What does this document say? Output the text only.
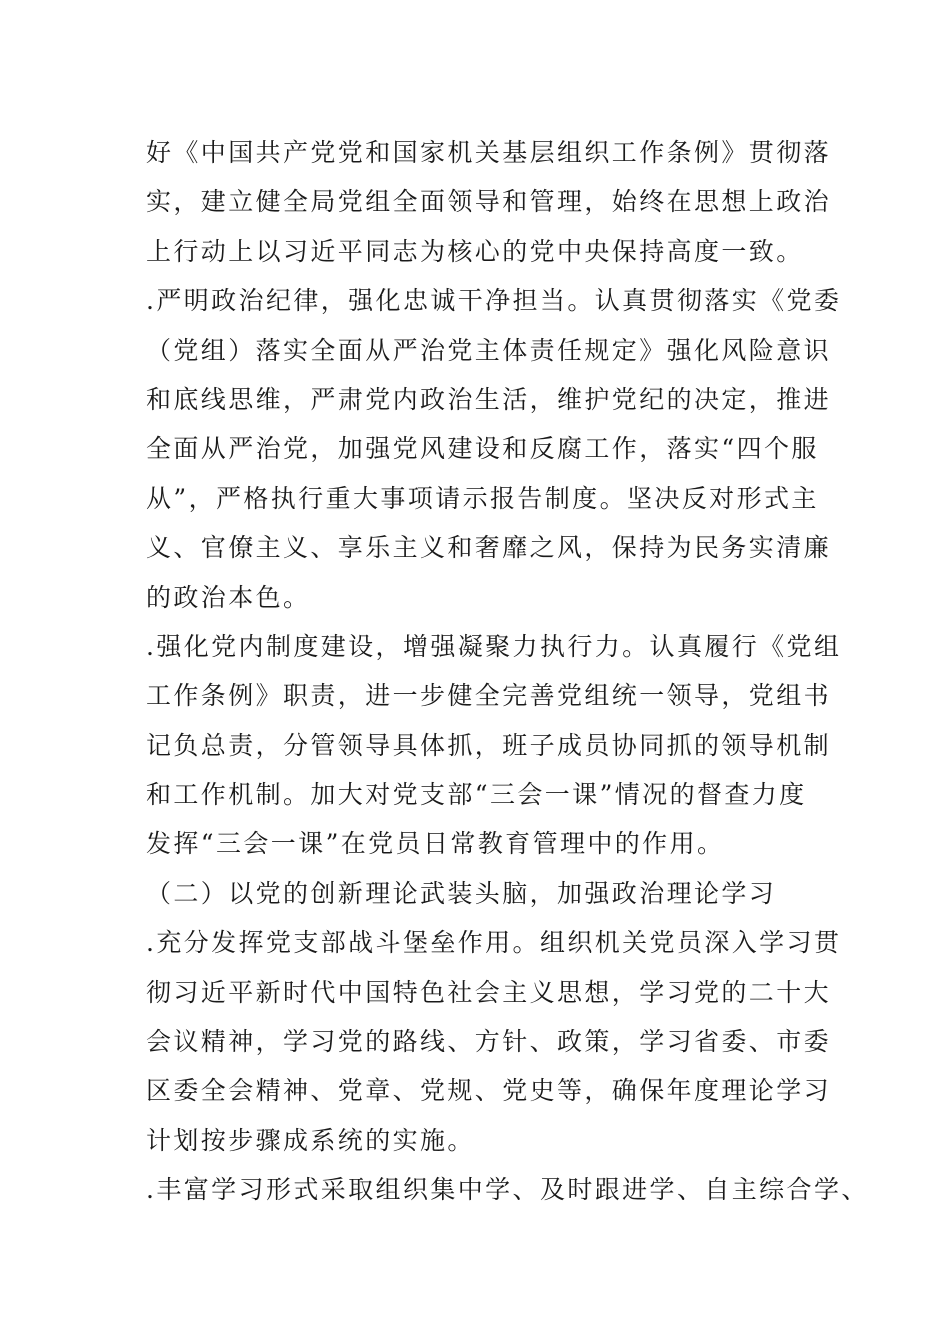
好《中国共产党党和国家机关基层组织工作条例》贯彻落
实，建立健全局党组全面领导和管理，始终在思想上政治
上行动上以习近平同志为核心的党中央保持高度一致。
.严明政治纪律，强化忠诚干净担当。认真贯彻落实《党委
（党组）落实全面从严治党主体责任规定》强化风险意识
和底线思维，严肃党内政治生活，维护党纪的决定，推进
全面从严治党，加强党风建设和反腐工作，落实“四个服
从”，严格执行重大事项请示报告制度。坚决反对形式主
义、官僚主义、享乐主义和奢靡之风，保持为民务实清廉
的政治本色。
.强化党内制度建设，增强凝聚力执行力。认真履行《党组
工作条例》职责，进一步健全完善党组统一领导，党组书
记负总责，分管领导具体抓，班子成员协同抓的领导机制
和工作机制。加大对党支部“三会一课”情况的督查力度
发挥“三会一课”在党员日常教育管理中的作用。
（二）以党的创新理论武装头脑，加强政治理论学习
.充分发挥党支部战斗堡垒作用。组织机关党员深入学习贯
彻习近平新时代中国特色社会主义思想，学习党的二十大
会议精神，学习党的路线、方针、政策，学习省委、市委
区委全会精神、党章、党规、党史等，确保年度理论学习
计划按步骤成系统的实施。
.丰富学习形式采取组织集中学、及时跟进学、自主综合学、
